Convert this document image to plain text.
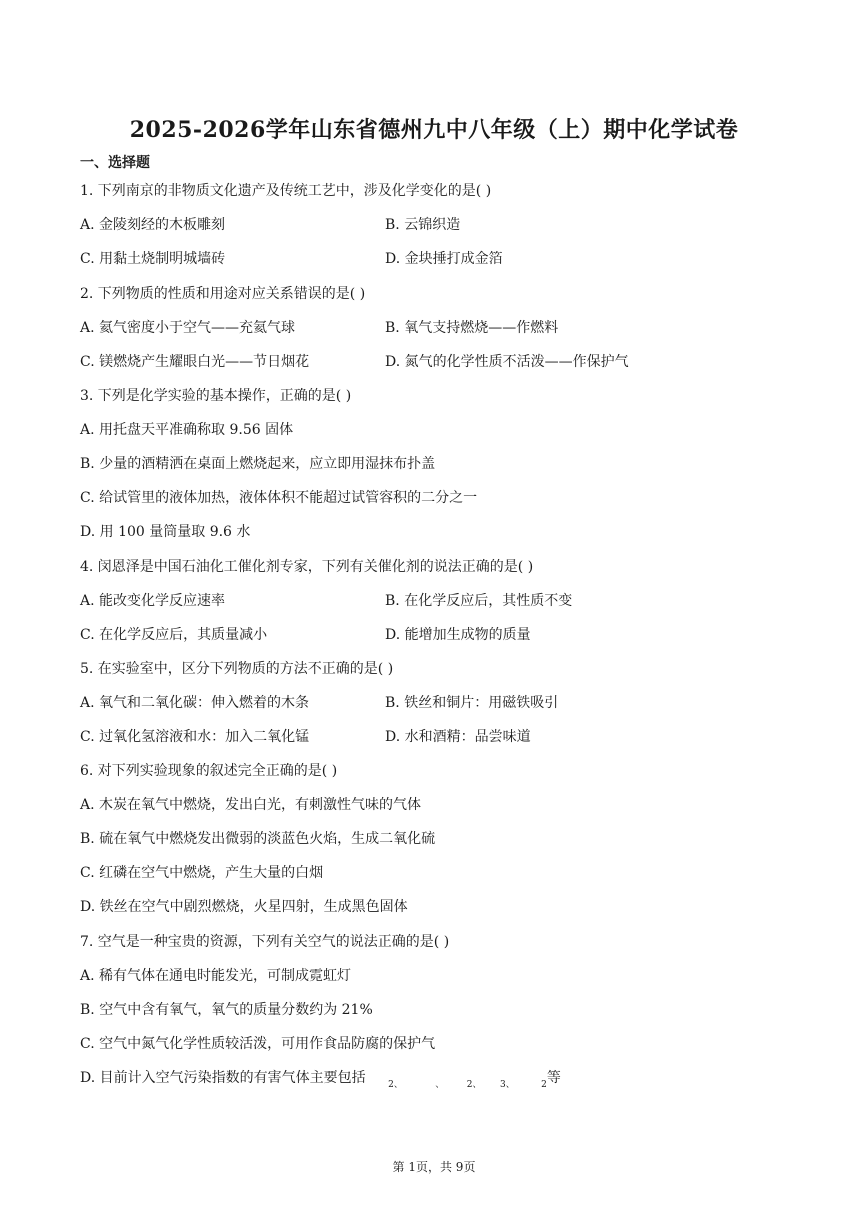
2025-2026学年山东省德州九中八年级（上）期中化学试卷
一、选择题
1. 下列南京的非物质文化遗产及传统工艺中，涉及化学变化的是( )
A. 金陵刻经的木板雕刻	B. 云锦织造
C. 用黏土烧制明城墙砖	D. 金块捶打成金箔
2. 下列物质的性质和用途对应关系错误的是( )
A. 氦气密度小于空气——充氦气球	B. 氧气支持燃烧——作燃料
C. 镁燃烧产生耀眼白光——节日烟花	D. 氮气的化学性质不活泼——作保护气
3. 下列是化学实验的基本操作，正确的是( )
A. 用托盘天平准确称取 9.56 固体
B. 少量的酒精洒在桌面上燃烧起来，应立即用湿抹布扑盖
C. 给试管里的液体加热，液体体积不能超过试管容积的二分之一
D. 用 100 量筒量取 9.6 水
4. 闵恩泽是中国石油化工催化剂专家，下列有关催化剂的说法正确的是( )
A. 能改变化学反应速率	B. 在化学反应后，其性质不变
C. 在化学反应后，其质量减小	D. 能增加生成物的质量
5. 在实验室中，区分下列物质的方法不正确的是( )
A. 氧气和二氧化碳：伸入燃着的木条	B. 铁丝和铜片：用磁铁吸引
C. 过氧化氢溶液和水：加入二氧化锰	D. 水和酒精：品尝味道
6. 对下列实验现象的叙述完全正确的是( )
A. 木炭在氧气中燃烧，发出白光，有刺激性气味的气体
B. 硫在氧气中燃烧发出微弱的淡蓝色火焰，生成二氧化硫
C. 红磷在空气中燃烧，产生大量的白烟
D. 铁丝在空气中剧烈燃烧，火星四射，生成黑色固体
7. 空气是一种宝贵的资源，下列有关空气的说法正确的是( )
A. 稀有气体在通电时能发光，可制成霓虹灯
B. 空气中含有氧气，氧气的质量分数约为 21%
C. 空气中氮气化学性质较活泼，可用作食品防腐的保护气
D. 目前计入空气污染指数的有害气体主要包括 $_{2、}$	$_、$ $_{2、}$ $_{3、}$	$_2$等
第 1页，共 9页
